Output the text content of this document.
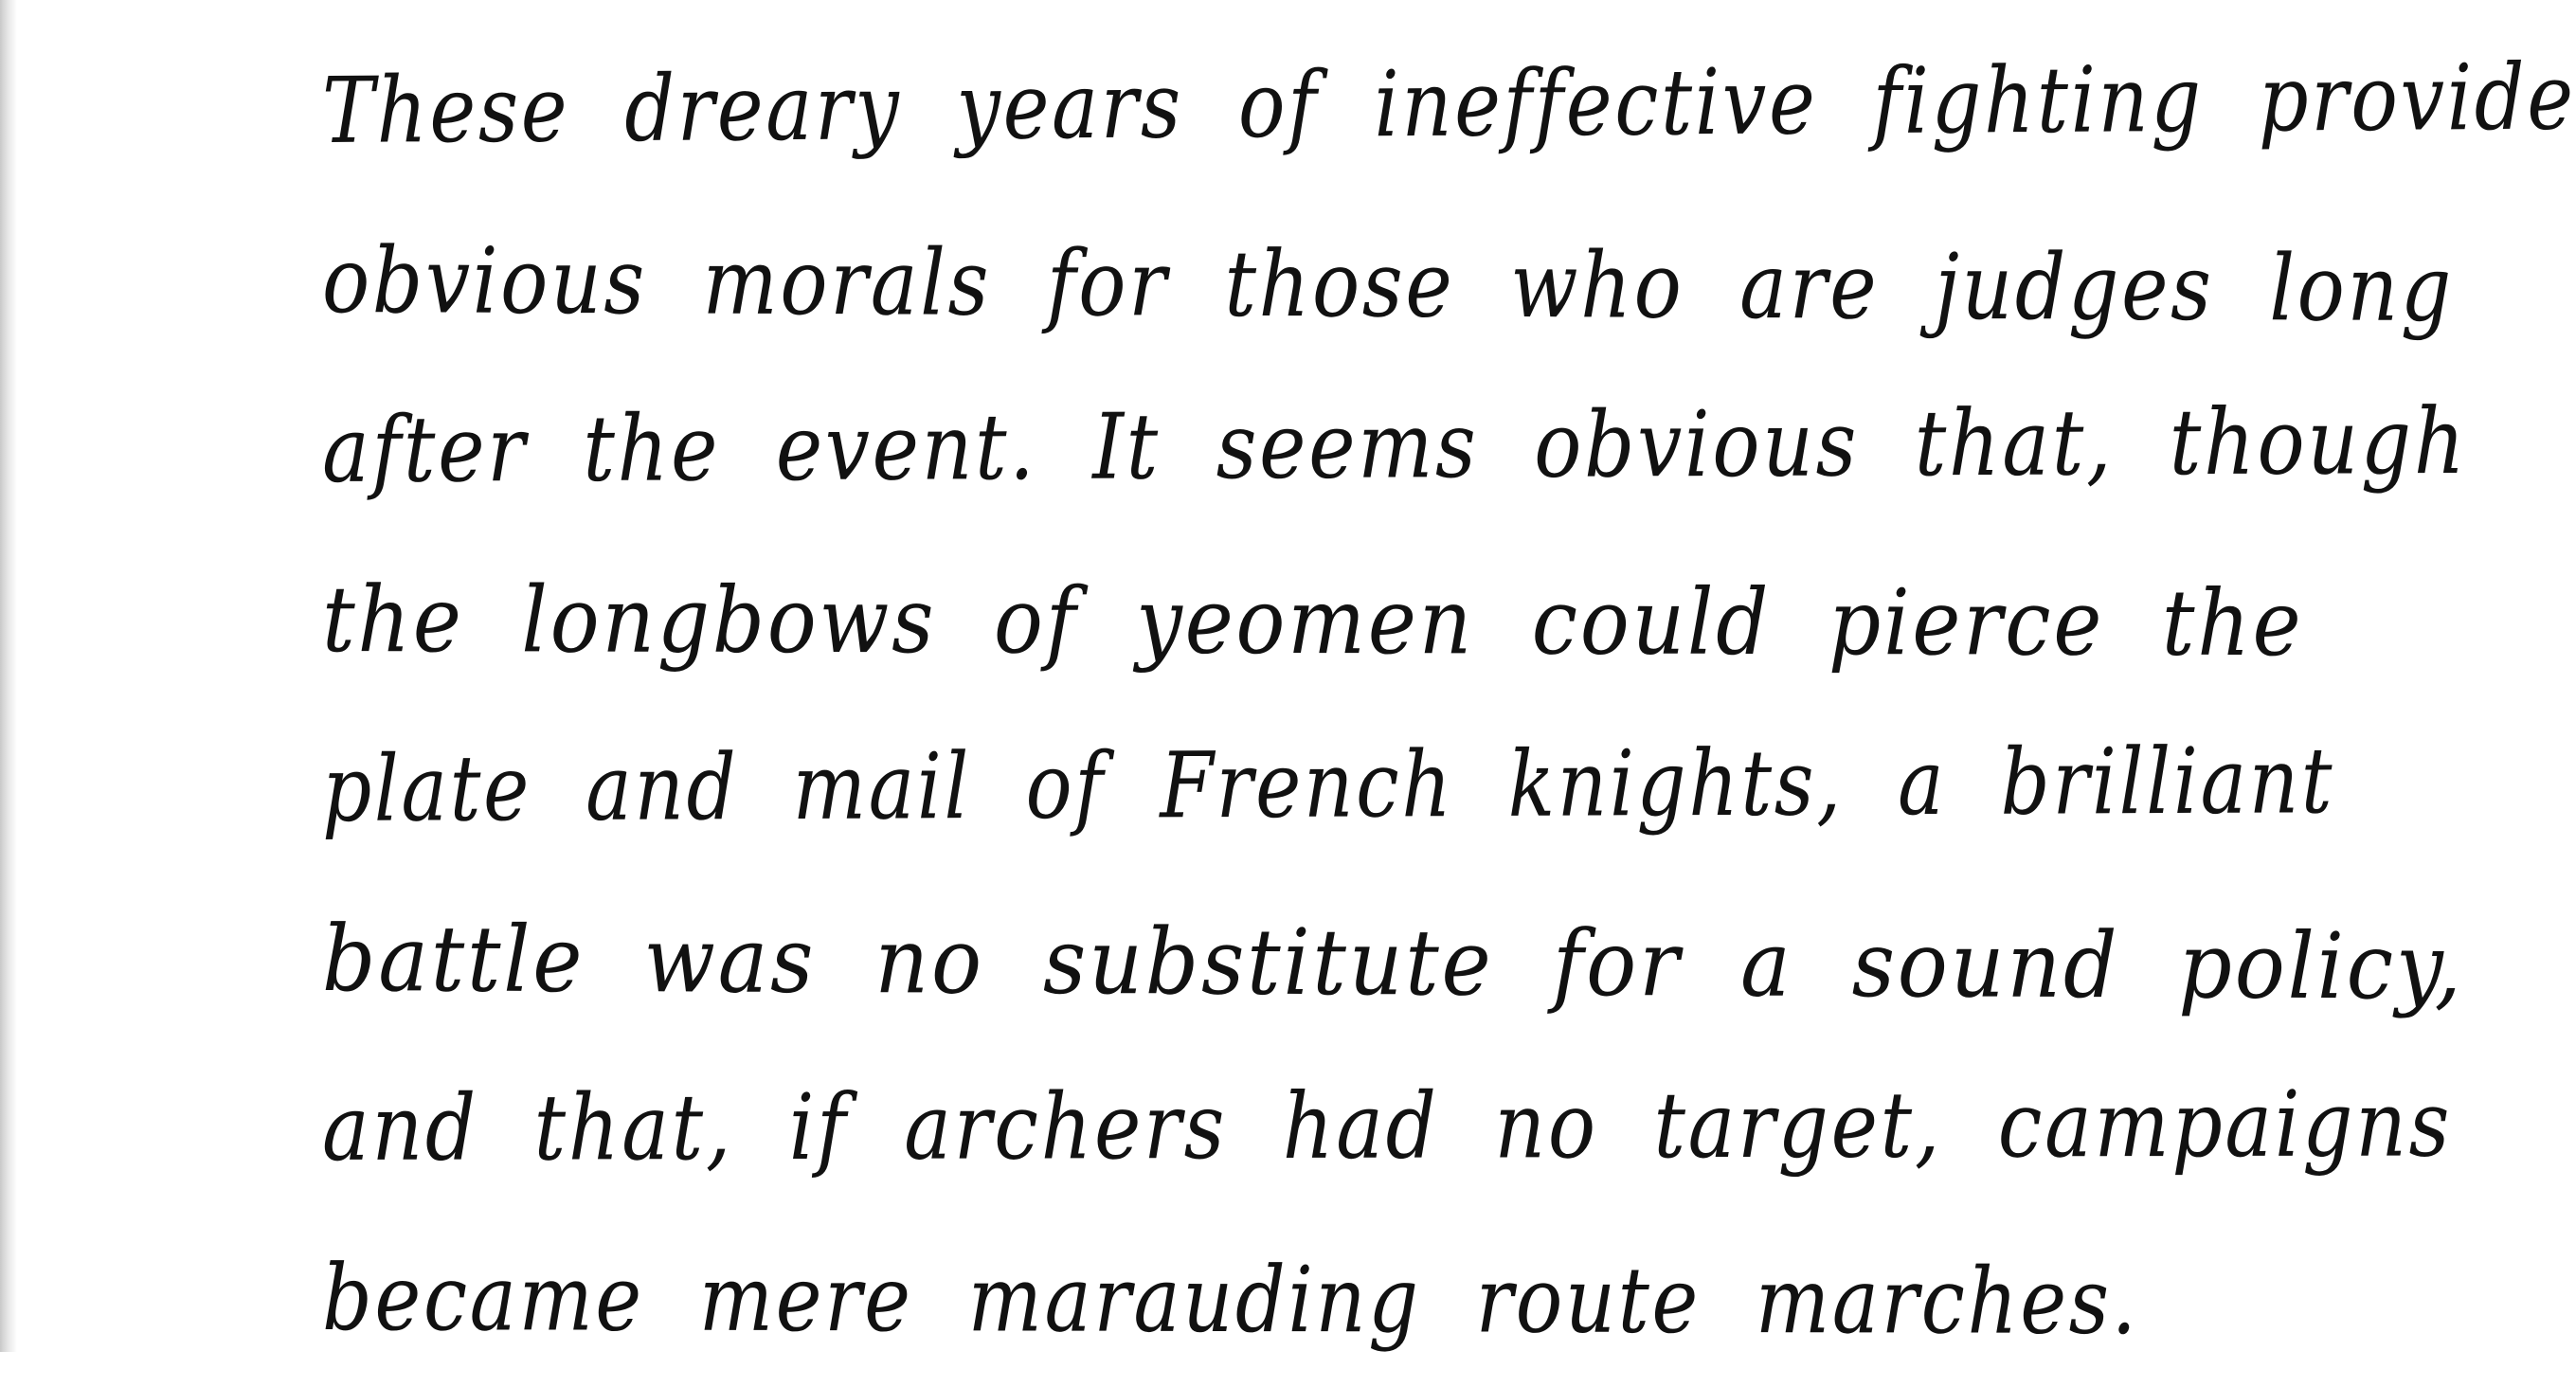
These dreary years of ineffective fighting provide
obvious morals for those who are judges long
after the event. It seems obvious that, though
the longbows of yeomen could pierce the
plate and mail of French knights, a brilliant
battle was no substitute for a sound policy,
and that, if archers had no target, campaigns
became mere marauding route marches.
